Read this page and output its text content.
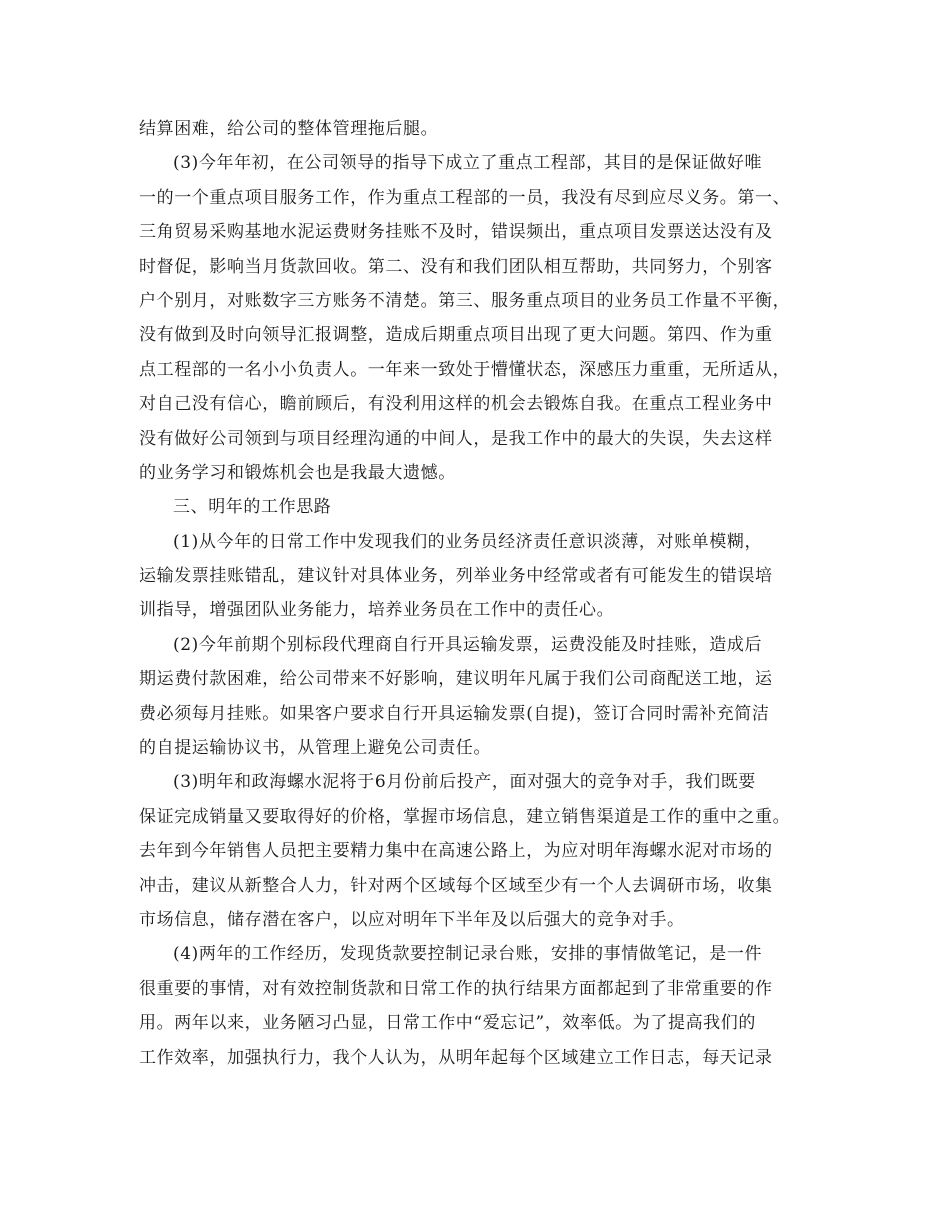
结算困难，给公司的整体管理拖后腿。
(3)今年年初，在公司领导的指导下成立了重点工程部，其目的是保证做好唯
一的一个重点项目服务工作，作为重点工程部的一员，我没有尽到应尽义务。第一、
三角贸易采购基地水泥运费财务挂账不及时，错误频出，重点项目发票送达没有及
时督促，影响当月货款回收。第二、没有和我们团队相互帮助，共同努力，个别客
户个别月，对账数字三方账务不清楚。第三、服务重点项目的业务员工作量不平衡，
没有做到及时向领导汇报调整，造成后期重点项目出现了更大问题。第四、作为重
点工程部的一名小小负责人。一年来一致处于懵懂状态，深感压力重重，无所适从，
对自己没有信心，瞻前顾后，有没利用这样的机会去锻炼自我。在重点工程业务中
没有做好公司领到与项目经理沟通的中间人，是我工作中的最大的失误，失去这样
的业务学习和锻炼机会也是我最大遗憾。
三、明年的工作思路
(1)从今年的日常工作中发现我们的业务员经济责任意识淡薄，对账单模糊，
运输发票挂账错乱，建议针对具体业务，列举业务中经常或者有可能发生的错误培
训指导，增强团队业务能力，培养业务员在工作中的责任心。
(2)今年前期个别标段代理商自行开具运输发票，运费没能及时挂账，造成后
期运费付款困难，给公司带来不好影响，建议明年凡属于我们公司商配送工地，运
费必须每月挂账。如果客户要求自行开具运输发票(自提)，签订合同时需补充简洁
的自提运输协议书，从管理上避免公司责任。
(3)明年和政海螺水泥将于6月份前后投产，面对强大的竞争对手，我们既要
保证完成销量又要取得好的价格，掌握市场信息，建立销售渠道是工作的重中之重。
去年到今年销售人员把主要精力集中在高速公路上，为应对明年海螺水泥对市场的
冲击，建议从新整合人力，针对两个区域每个区域至少有一个人去调研市场，收集
市场信息，储存潜在客户，以应对明年下半年及以后强大的竞争对手。
(4)两年的工作经历，发现货款要控制记录台账，安排的事情做笔记，是一件
很重要的事情，对有效控制货款和日常工作的执行结果方面都起到了非常重要的作
用。两年以来，业务陋习凸显，日常工作中“爱忘记”，效率低。为了提高我们的
工作效率，加强执行力，我个人认为，从明年起每个区域建立工作日志，每天记录
